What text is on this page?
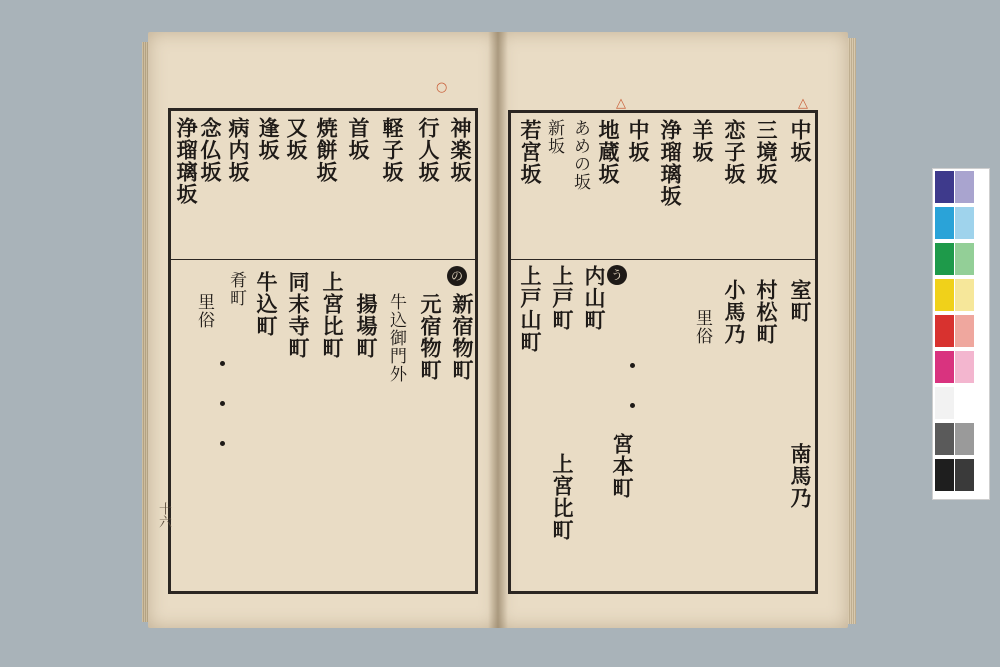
○
神楽坂
行人坂
軽子坂
首坂
焼餅坂
又坂
逢坂
病内坂
念仏坂
浄瑠璃坂
の
新宿物町
元宿物町
牛込御門外
揚場町
上宮比町
同末寺町
牛込町
肴町
里俗
△	△
中坂
三境坂
恋子坂
羊坂
浄瑠璃坂
中坂
地蔵坂
あめの坂
新坂
若宮坂
室町
村松町
小馬乃
南馬乃
里俗
う
内山町
上戸町
上戸山町
宮本町
上宮比町
十六
